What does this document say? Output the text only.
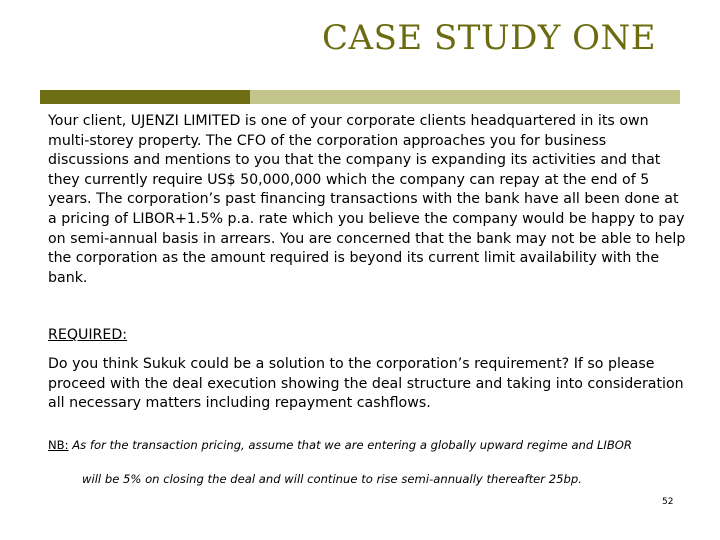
CASE STUDY ONE

Your client, UJENZI LIMITED is one of your corporate clients headquartered in its own multi-storey property. The CFO of the corporation approaches you for business discussions and mentions to you that the company is expanding its activities and that they currently require US$ 50,000,000 which the company can repay at the end of 5 years. The corporation’s past financing transactions with the bank have all been done at a pricing of LIBOR+1.5% p.a. rate which you believe the company would be happy to pay on semi-annual basis in arrears. You are concerned that the bank may not be able to help the corporation as the amount required is beyond its current limit availability with the bank.

REQUIRED:

Do you think Sukuk could be a solution to the corporation’s requirement? If so please proceed with the deal execution showing the deal structure and taking into consideration all necessary matters including repayment cashflows.

NB: As for the transaction pricing, assume that we are entering a globally upward regime and LIBOR

will be 5% on closing the deal and will continue to rise semi-annually thereafter 25bp.

52
